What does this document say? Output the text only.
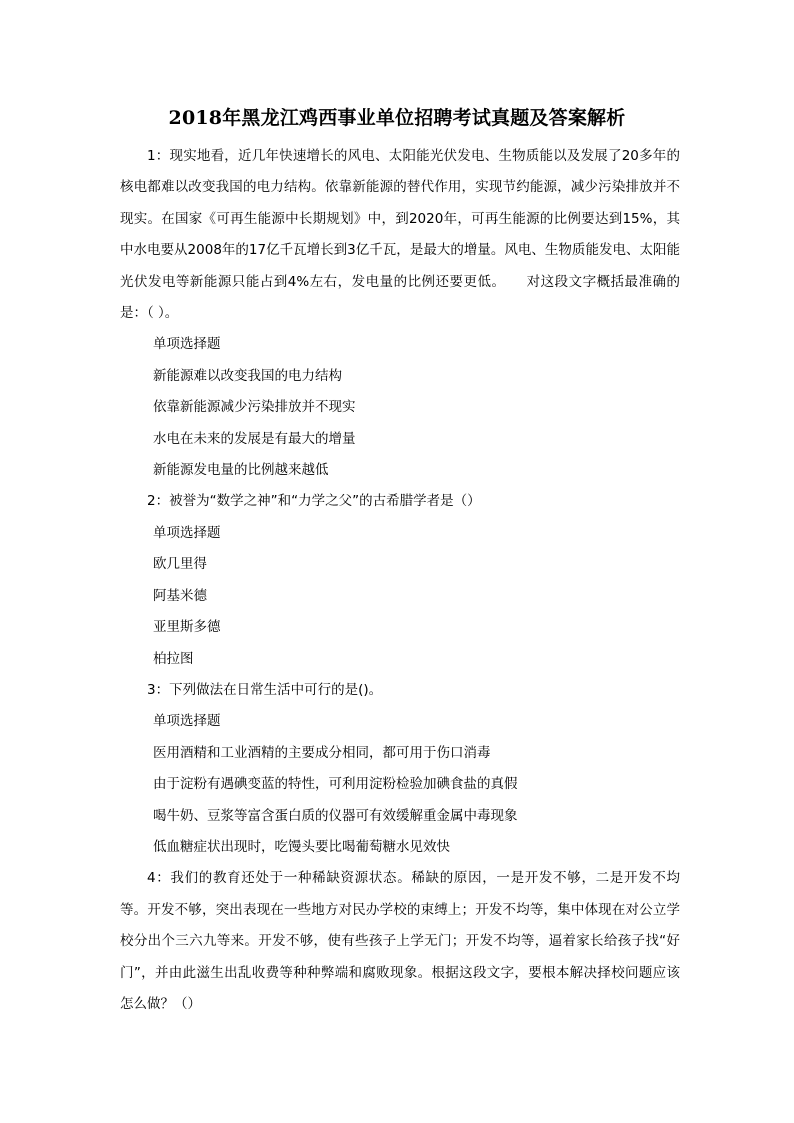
2018年黑龙江鸡西事业单位招聘考试真题及答案解析

1：现实地看，近几年快速增长的风电、太阳能光伏发电、生物质能以及发展了20多年的核电都难以改变我国的电力结构。依靠新能源的替代作用，实现节约能源，减少污染排放并不现实。在国家《可再生能源中长期规划》中，到2020年，可再生能源的比例要达到15%，其中水电要从2008年的17亿千瓦增长到3亿千瓦，是最大的增量。风电、生物质能发电、太阳能光伏发电等新能源只能占到4%左右，发电量的比例还要更低。　　对这段文字概括最准确的是：（ ）。

单项选择题

新能源难以改变我国的电力结构

依靠新能源减少污染排放并不现实

水电在未来的发展是有最大的增量

新能源发电量的比例越来越低

2：被誉为“数学之神”和“力学之父”的古希腊学者是（）

单项选择题

欧几里得

阿基米德

亚里斯多德

柏拉图

3：下列做法在日常生活中可行的是()。

单项选择题

医用酒精和工业酒精的主要成分相同，都可用于伤口消毒

由于淀粉有遇碘变蓝的特性，可利用淀粉检验加碘食盐的真假

喝牛奶、豆浆等富含蛋白质的仪器可有效缓解重金属中毒现象

低血糖症状出现时，吃馒头要比喝葡萄糖水见效快

4：我们的教育还处于一种稀缺资源状态。稀缺的原因，一是开发不够，二是开发不均等。开发不够，突出表现在一些地方对民办学校的束缚上；开发不均等，集中体现在对公立学校分出个三六九等来。开发不够，使有些孩子上学无门；开发不均等，逼着家长给孩子找“好门”，并由此滋生出乱收费等种种弊端和腐败现象。根据这段文字，要根本解决择校问题应该怎么做？（）
